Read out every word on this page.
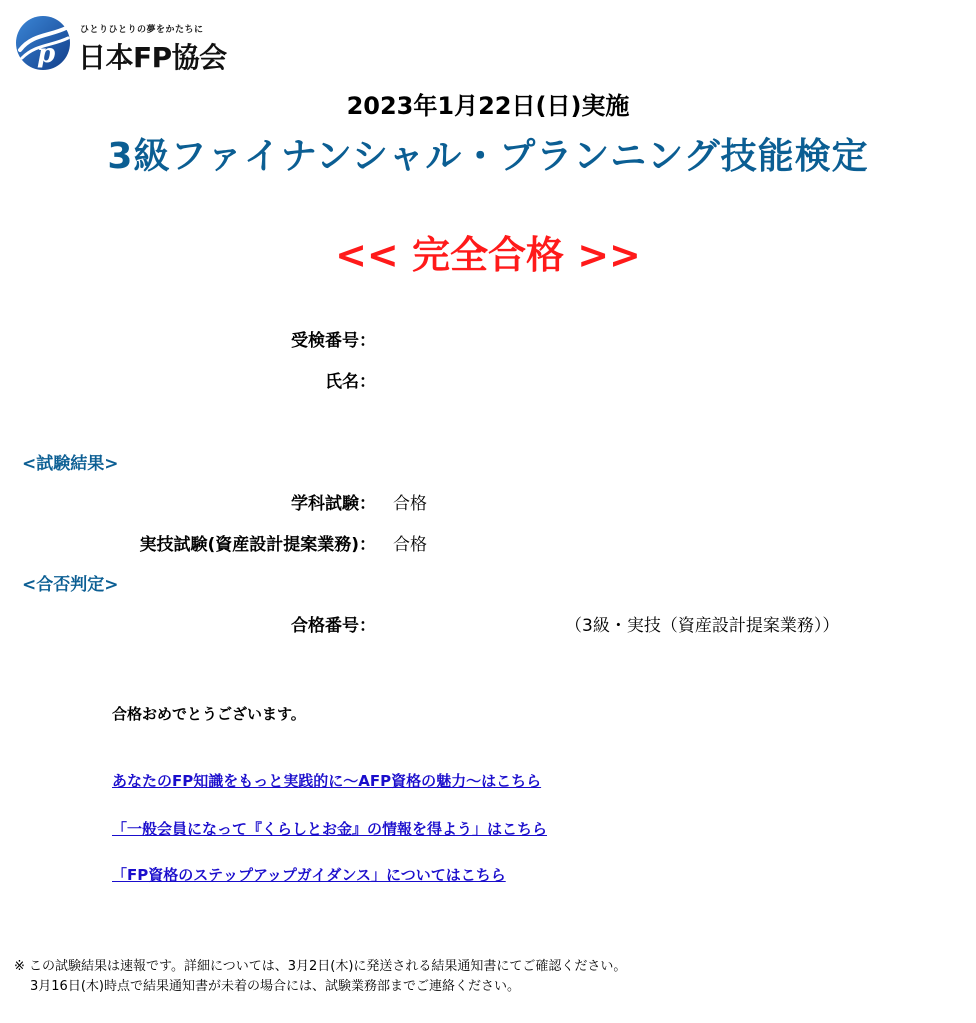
p
ひとりひとりの夢をかたちに
日本FP協会
2023年1月22日(日)実施
3級ファイナンシャル・プランニング技能検定
<< 完全合格 >>
受検番号：
氏名：
<試験結果>
学科試験： 合格
実技試験(資産設計提案業務)： 合格
<合否判定>
合格番号：	（3級・実技（資産設計提案業務））
合格おめでとうございます。
あなたのFP知識をもっと実践的に〜AFP資格の魅力〜はこちら
「一般会員になって『くらしとお金』の情報を得よう」はこちら
「FP資格のステップアップガイダンス」についてはこちら
※ この試験結果は速報です。詳細については、3月2日(木)に発送される結果通知書にてご確認ください。
3月16日(木)時点で結果通知書が未着の場合には、試験業務部までご連絡ください。
